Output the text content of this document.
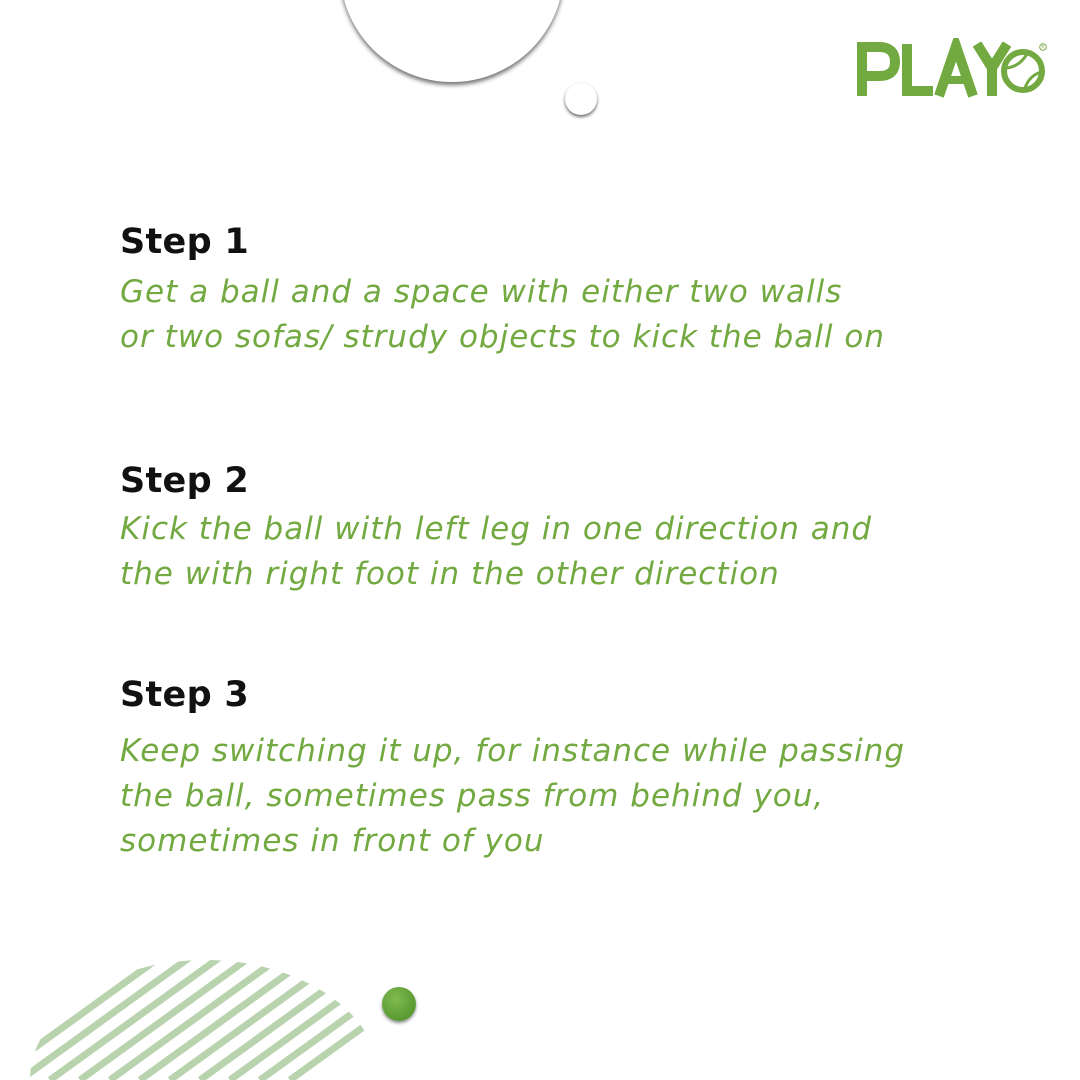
R

Step 1

Get a ball and a space with either two walls
or two sofas/ strudy objects to kick the ball on

Step 2

Kick the ball with left leg in one direction and
the with right foot in the other direction

Step 3

Keep switching it up, for instance while passing
the ball, sometimes pass from behind you,
sometimes in front of you
